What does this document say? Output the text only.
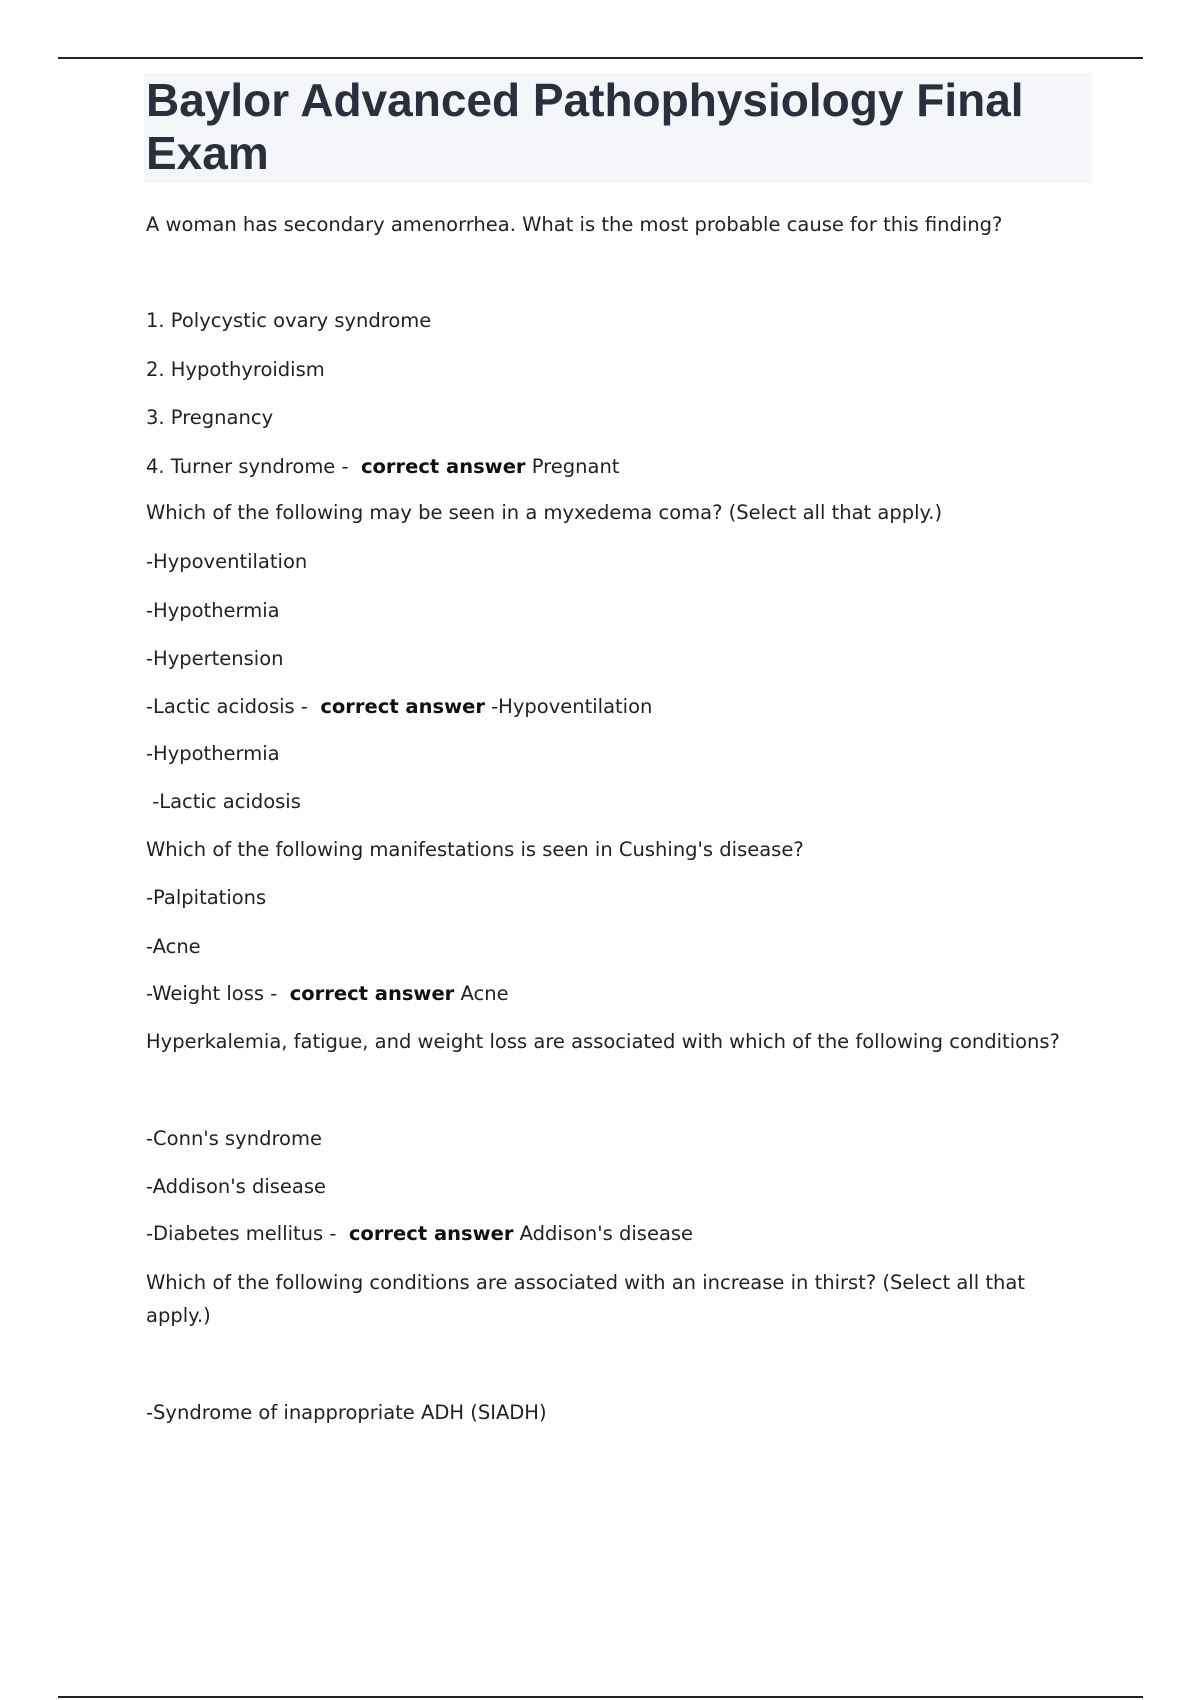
Baylor Advanced Pathophysiology Final Exam
A woman has secondary amenorrhea. What is the most probable cause for this finding?
1. Polycystic ovary syndrome
2. Hypothyroidism
3. Pregnancy
4. Turner syndrome - correct answer Pregnant
Which of the following may be seen in a myxedema coma? (Select all that apply.)
-Hypoventilation
-Hypothermia
-Hypertension
-Lactic acidosis - correct answer -Hypoventilation
-Hypothermia
-Lactic acidosis
Which of the following manifestations is seen in Cushing's disease?
-Palpitations
-Acne
-Weight loss - correct answer Acne
Hyperkalemia, fatigue, and weight loss are associated with which of the following conditions?
-Conn's syndrome
-Addison's disease
-Diabetes mellitus - correct answer Addison's disease
Which of the following conditions are associated with an increase in thirst? (Select all that apply.)
-Syndrome of inappropriate ADH (SIADH)
